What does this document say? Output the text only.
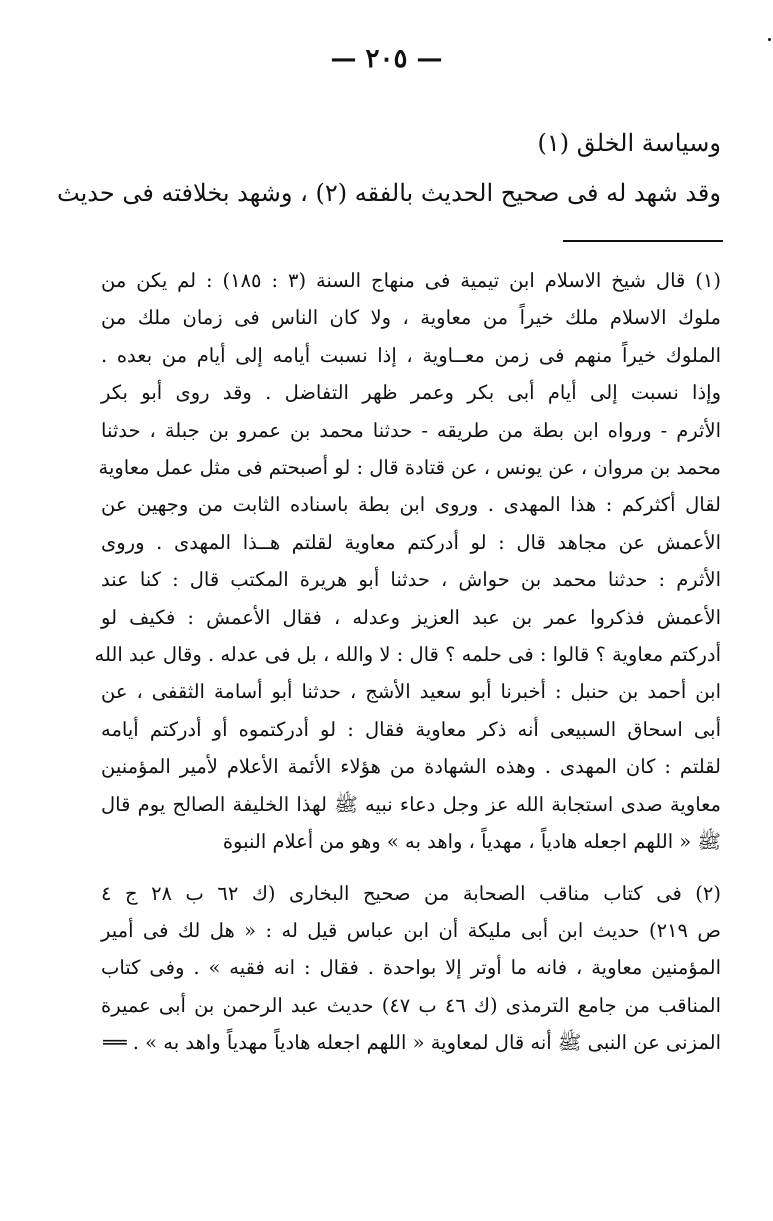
— ٢٠٥ —
وسياسة الخلق (١)
وقد شهد له فى صحيح الحديث بالفقه (٢) ، وشهد بخلافته فى حديث
(١) قال شيخ الاسلام ابن تيمية فى منهاج السنة (٣ : ١٨٥) : لم يكن من
ملوك الاسلام ملك خيراً من معاوية ، ولا كان الناس فى زمان ملك من
الملوك خيراً منهم فى زمن معــاوية ، إذا نسبت أيامه إلى أيام من بعده .
وإذا نسبت إلى أيام أبى بكر وعمر ظهر التفاضل . وقد روى أبو بكر
الأثرم - ورواه ابن بطة من طريقه - حدثنا محمد بن عمرو بن جبلة ، حدثنا
محمد بن مروان ، عن يونس ، عن قتادة قال : لو أصبحتم فى مثل عمل معاوية
لقال أكثركم : هذا المهدى . وروى ابن بطة باسناده الثابت من وجهين عن
الأعمش عن مجاهد قال : لو أدركتم معاوية لقلتم هــذا المهدى . وروى
الأثرم : حدثنا محمد بن حواش ، حدثنا أبو هريرة المكتب قال : كنا عند
الأعمش فذكروا عمر بن عبد العزيز وعدله ، فقال الأعمش : فكيف لو
أدركتم معاوية ؟ قالوا : فى حلمه ؟ قال : لا والله ، بل فى عدله . وقال عبد الله
ابن أحمد بن حنبل : أخبرنا أبو سعيد الأشج ، حدثنا أبو أسامة الثقفى ، عن
أبى اسحاق السبيعى أنه ذكر معاوية فقال : لو أدركتموه أو أدركتم أيامه
لقلتم : كان المهدى . وهذه الشهادة من هؤلاء الأئمة الأعلام لأمير المؤمنين
معاوية صدى استجابة الله عز وجل دعاء نبيه ﷺ لهذا الخليفة الصالح يوم قال
ﷺ « اللهم اجعله هادياً ، مهدياً ، واهد به » وهو من أعلام النبوة
(٢) فى كتاب مناقب الصحابة من صحيح البخارى (ك ٦٢ ب ٢٨ ج ٤
ص ٢١٩) حديث ابن أبى مليكة أن ابن عباس قيل له : « هل لك فى أمير
المؤمنين معاوية ، فانه ما أوتر إلا بواحدة . فقال : انه فقيه » . وفى كتاب
المناقب من جامع الترمذى (ك ٤٦ ب ٤٧) حديث عبد الرحمن بن أبى عميرة
المزنى عن النبى ﷺ أنه قال لمعاوية « اللهم اجعله هادياً مهدياً واهد به » . ══
